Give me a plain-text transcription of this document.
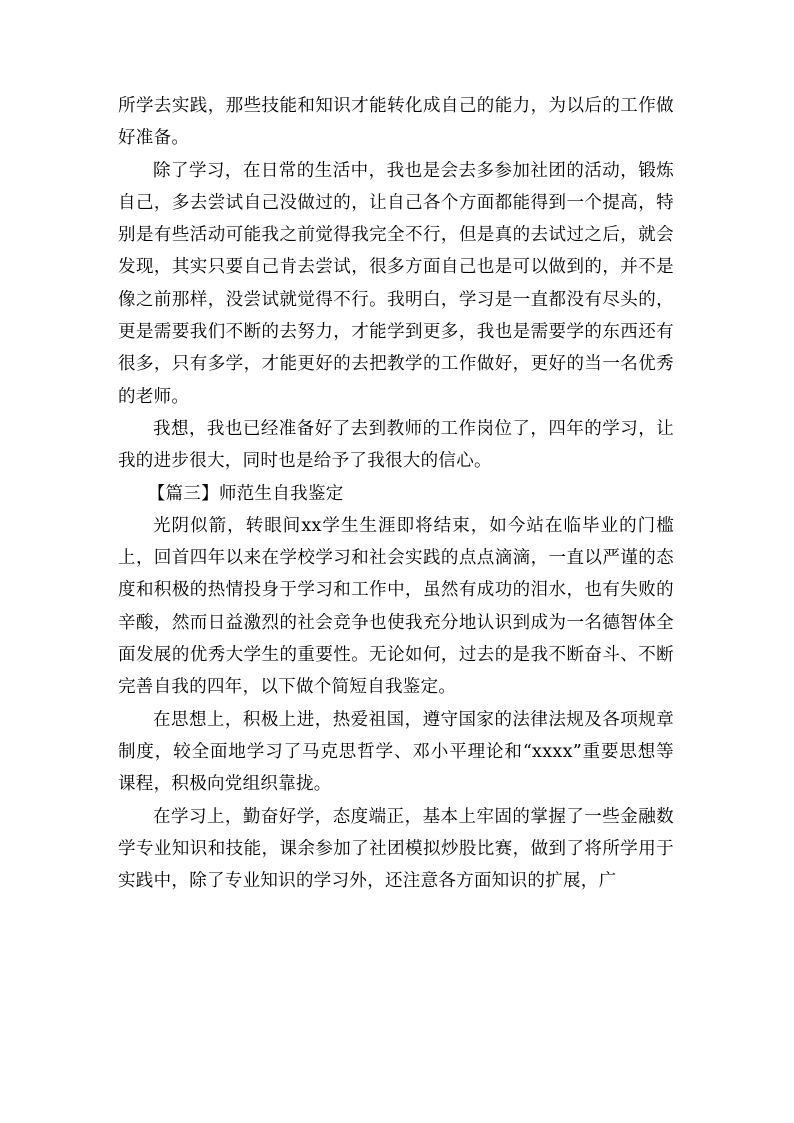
所学去实践，那些技能和知识才能转化成自己的能力，为以后的工作做好准备。

除了学习，在日常的生活中，我也是会去多参加社团的活动，锻炼自己，多去尝试自己没做过的，让自己各个方面都能得到一个提高，特别是有些活动可能我之前觉得我完全不行，但是真的去试过之后，就会发现，其实只要自己肯去尝试，很多方面自己也是可以做到的，并不是像之前那样，没尝试就觉得不行。我明白，学习是一直都没有尽头的，更是需要我们不断的去努力，才能学到更多，我也是需要学的东西还有很多，只有多学，才能更好的去把教学的工作做好，更好的当一名优秀的老师。

我想，我也已经准备好了去到教师的工作岗位了，四年的学习，让我的进步很大，同时也是给予了我很大的信心。

【篇三】师范生自我鉴定

光阴似箭，转眼间xx学生生涯即将结束，如今站在临毕业的门槛上，回首四年以来在学校学习和社会实践的点点滴滴，一直以严谨的态度和积极的热情投身于学习和工作中，虽然有成功的泪水，也有失败的辛酸，然而日益激烈的社会竞争也使我充分地认识到成为一名德智体全面发展的优秀大学生的重要性。无论如何，过去的是我不断奋斗、不断完善自我的四年，以下做个简短自我鉴定。

在思想上，积极上进，热爱祖国，遵守国家的法律法规及各项规章制度，较全面地学习了马克思哲学、邓小平理论和“xxxx”重要思想等课程，积极向党组织靠拢。

在学习上，勤奋好学，态度端正，基本上牢固的掌握了一些金融数学专业知识和技能，课余参加了社团模拟炒股比赛，做到了将所学用于实践中，除了专业知识的学习外，还注意各方面知识的扩展，广
